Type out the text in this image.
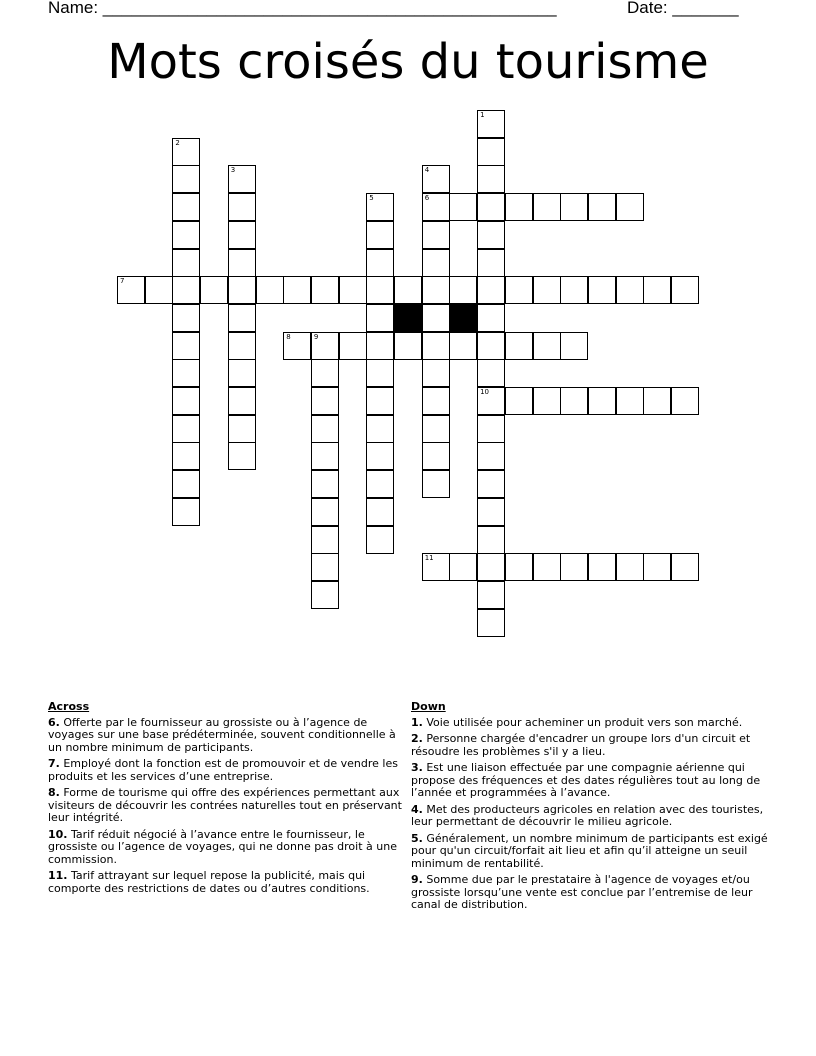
Name: ________________________________________________	Date: _______
Mots croisés du tourisme
1
10
2
3	4
6
5
7
8	9
11
Across
6. Offerte par le fournisseur au grossiste ou à l’agence de voyages sur une base prédéterminée, souvent conditionnelle à un nombre minimum de participants.
7. Employé dont la fonction est de promouvoir et de vendre les produits et les services d’une entreprise.
8. Forme de tourisme qui offre des expériences permettant aux visiteurs de découvrir les contrées naturelles tout en préservant leur intégrité.
10. Tarif réduit négocié à l’avance entre le fournisseur, le grossiste ou l’agence de voyages, qui ne donne pas droit à une commission.
11. Tarif attrayant sur lequel repose la publicité, mais qui comporte des restrictions de dates ou d’autres conditions.
Down
1. Voie utilisée pour acheminer un produit vers son marché.
2. Personne chargée d'encadrer un groupe lors d'un circuit et résoudre les problèmes s'il y a lieu.
3. Est une liaison effectuée par une compagnie aérienne qui propose des fréquences et des dates régulières tout au long de l’année et programmées à l’avance.
4. Met des producteurs agricoles en relation avec des touristes, leur permettant de découvrir le milieu agricole.
5. Généralement, un nombre minimum de participants est exigé pour qu'un circuit/forfait ait lieu et afin qu’il atteigne un seuil minimum de rentabilité.
9. Somme due par le prestataire à l'agence de voyages et/ou grossiste lorsqu’une vente est conclue par l’entremise de leur canal de distribution.
